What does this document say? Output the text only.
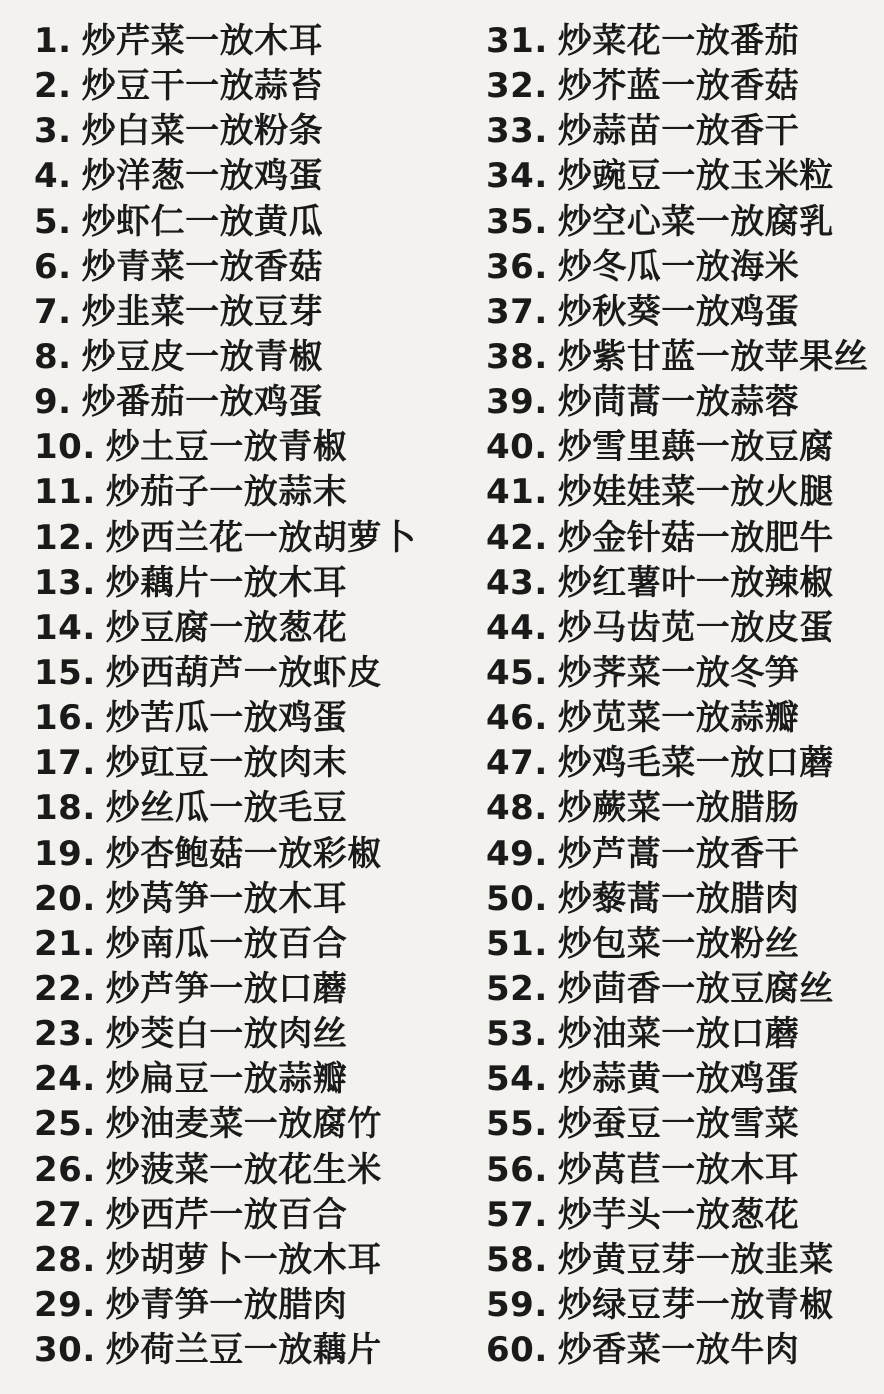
1. 炒芹菜一放木耳
2. 炒豆干一放蒜苔
3. 炒白菜一放粉条
4. 炒洋葱一放鸡蛋
5. 炒虾仁一放黄瓜
6. 炒青菜一放香菇
7. 炒韭菜一放豆芽
8. 炒豆皮一放青椒
9. 炒番茄一放鸡蛋
10. 炒土豆一放青椒
11. 炒茄子一放蒜末
12. 炒西兰花一放胡萝卜
13. 炒藕片一放木耳
14. 炒豆腐一放葱花
15. 炒西葫芦一放虾皮
16. 炒苦瓜一放鸡蛋
17. 炒豇豆一放肉末
18. 炒丝瓜一放毛豆
19. 炒杏鲍菇一放彩椒
20. 炒莴笋一放木耳
21. 炒南瓜一放百合
22. 炒芦笋一放口蘑
23. 炒茭白一放肉丝
24. 炒扁豆一放蒜瓣
25. 炒油麦菜一放腐竹
26. 炒菠菜一放花生米
27. 炒西芹一放百合
28. 炒胡萝卜一放木耳
29. 炒青笋一放腊肉
30. 炒荷兰豆一放藕片
31. 炒菜花一放番茄
32. 炒芥蓝一放香菇
33. 炒蒜苗一放香干
34. 炒豌豆一放玉米粒
35. 炒空心菜一放腐乳
36. 炒冬瓜一放海米
37. 炒秋葵一放鸡蛋
38. 炒紫甘蓝一放苹果丝
39. 炒茼蒿一放蒜蓉
40. 炒雪里蕻一放豆腐
41. 炒娃娃菜一放火腿
42. 炒金针菇一放肥牛
43. 炒红薯叶一放辣椒
44. 炒马齿苋一放皮蛋
45. 炒荠菜一放冬笋
46. 炒苋菜一放蒜瓣
47. 炒鸡毛菜一放口蘑
48. 炒蕨菜一放腊肠
49. 炒芦蒿一放香干
50. 炒藜蒿一放腊肉
51. 炒包菜一放粉丝
52. 炒茴香一放豆腐丝
53. 炒油菜一放口蘑
54. 炒蒜黄一放鸡蛋
55. 炒蚕豆一放雪菜
56. 炒莴苣一放木耳
57. 炒芋头一放葱花
58. 炒黄豆芽一放韭菜
59. 炒绿豆芽一放青椒
60. 炒香菜一放牛肉
